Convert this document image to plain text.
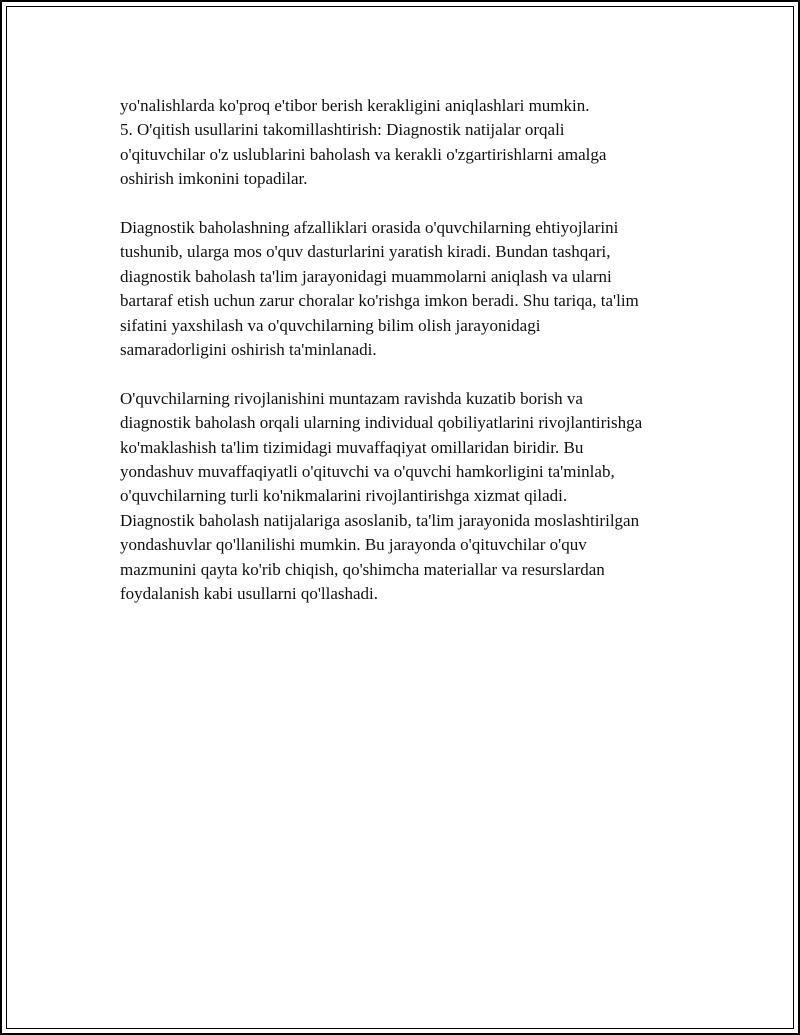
yo'nalishlarda ko'proq e'tibor berish kerakligini aniqlashlari mumkin.

5. O'qitish usullarini takomillashtirish: Diagnostik natijalar orqali

o'qituvchilar o'z uslublarini baholash va kerakli o'zgartirishlarni amalga

oshirish imkonini topadilar.

Diagnostik baholashning afzalliklari orasida o'quvchilarning ehtiyojlarini

tushunib, ularga mos o'quv dasturlarini yaratish kiradi. Bundan tashqari,

diagnostik baholash ta'lim jarayonidagi muammolarni aniqlash va ularni

bartaraf etish uchun zarur choralar ko'rishga imkon beradi. Shu tariqa, ta'lim

sifatini yaxshilash va o'quvchilarning bilim olish jarayonidagi

samaradorligini oshirish ta'minlanadi.

O'quvchilarning rivojlanishini muntazam ravishda kuzatib borish va

diagnostik baholash orqali ularning individual qobiliyatlarini rivojlantirishga

ko'maklashish ta'lim tizimidagi muvaffaqiyat omillaridan biridir. Bu

yondashuv muvaffaqiyatli o'qituvchi va o'quvchi hamkorligini ta'minlab,

o'quvchilarning turli ko'nikmalarini rivojlantirishga xizmat qiladi.

Diagnostik baholash natijalariga asoslanib, ta'lim jarayonida moslashtirilgan

yondashuvlar qo'llanilishi mumkin. Bu jarayonda o'qituvchilar o'quv

mazmunini qayta ko'rib chiqish, qo'shimcha materiallar va resurslardan

foydalanish kabi usullarni qo'llashadi.
